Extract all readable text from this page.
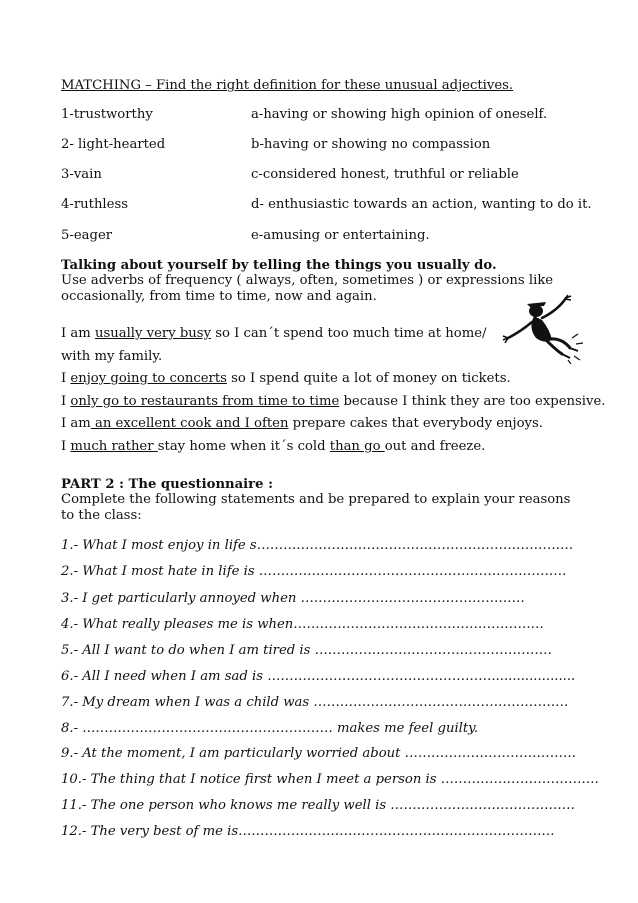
MATCHING – Find the right definition for these unusual adjectives.
1-trustworthy	a-having or showing high opinion of oneself.
2- light-hearted	b-having or showing no compassion
3-vain	c-considered honest, truthful or reliable
4-ruthless	d- enthusiastic towards an action, wanting to do it.
5-eager	e-amusing or entertaining.
Talking about yourself by telling the things you usually do.
Use adverbs of frequency ( always, often, sometimes ) or expressions like occasionally, from time to time, now and again.
I am usually very busy so I can´t spend too much time at home/
with my family.
I enjoy going to concerts so I spend quite a lot of money on tickets.
I only go to restaurants from time to time because I think they are too expensive.
I am an excellent cook and I often prepare cakes that everybody enjoys.
I much rather stay home when it´s cold than go out and freeze.
PART 2 : The questionnaire :
Complete the following statements and be prepared to explain your reasons to the class:
1.- What I most enjoy in life s………………………………………………………………
2.- What I most hate in life is …………………………………………………………….
3.- I get particularly annoyed when ……………………………………………
4.- What really pleases me is when…………………………………………………
5.- All I want to do when I am tired is ………………………………………………
6.- All I need when I am sad is ……………………………………………....................
7.- My dream when I was a child was ………………………………………………….
8.- ………………………………………………… makes me feel guilty.
9.- At the moment, I am particularly worried about …………………………………
10.- The thing that I notice first when I meet a person is ………………………………
11.- The one person who knows me really well is ……………………………………
12.- The very best of me is………………………………………………………………
